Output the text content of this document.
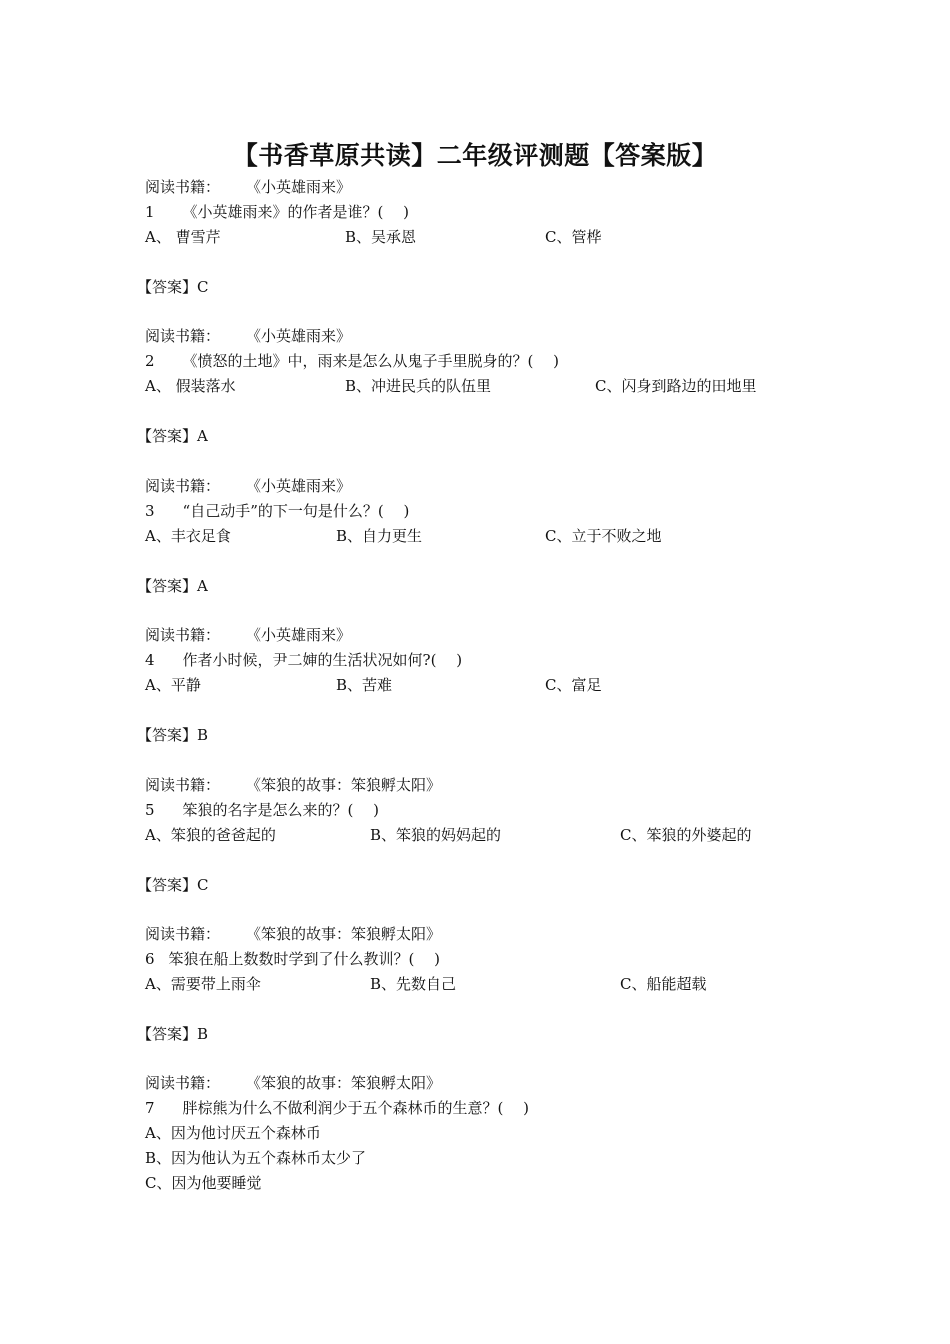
【书香草原共读】二年级评测题【答案版】
阅读书籍： 《小英雄雨来》
1 《小英雄雨来》的作者是谁？(　 )
A、 曹雪芹	B、吴承恩	C、管桦
【答案】C
阅读书籍： 《小英雄雨来》
2 《愤怒的土地》中，雨来是怎么从鬼子手里脱身的？(　 )
A、 假装落水	B、冲进民兵的队伍里	C、闪身到路边的田地里
【答案】A
阅读书籍： 《小英雄雨来》
3 “自己动手”的下一句是什么？(　 )
A、丰衣足食	B、自力更生	C、立于不败之地
【答案】A
阅读书籍： 《小英雄雨来》
4 作者小时候，尹二婶的生活状况如何?(　 )
A、平静	B、苦难	C、富足
【答案】B
阅读书籍： 《笨狼的故事：笨狼孵太阳》
5 笨狼的名字是怎么来的？(　 )
A、笨狼的爸爸起的	B、笨狼的妈妈起的	C、笨狼的外婆起的
【答案】C
阅读书籍： 《笨狼的故事：笨狼孵太阳》
6 笨狼在船上数数时学到了什么教训？(　 )
A、需要带上雨伞	B、先数自己	C、船能超载
【答案】B
阅读书籍： 《笨狼的故事：笨狼孵太阳》
7 胖棕熊为什么不做利润少于五个森林币的生意？(　 )
A、因为他讨厌五个森林币
B、因为他认为五个森林币太少了
C、因为他要睡觉
